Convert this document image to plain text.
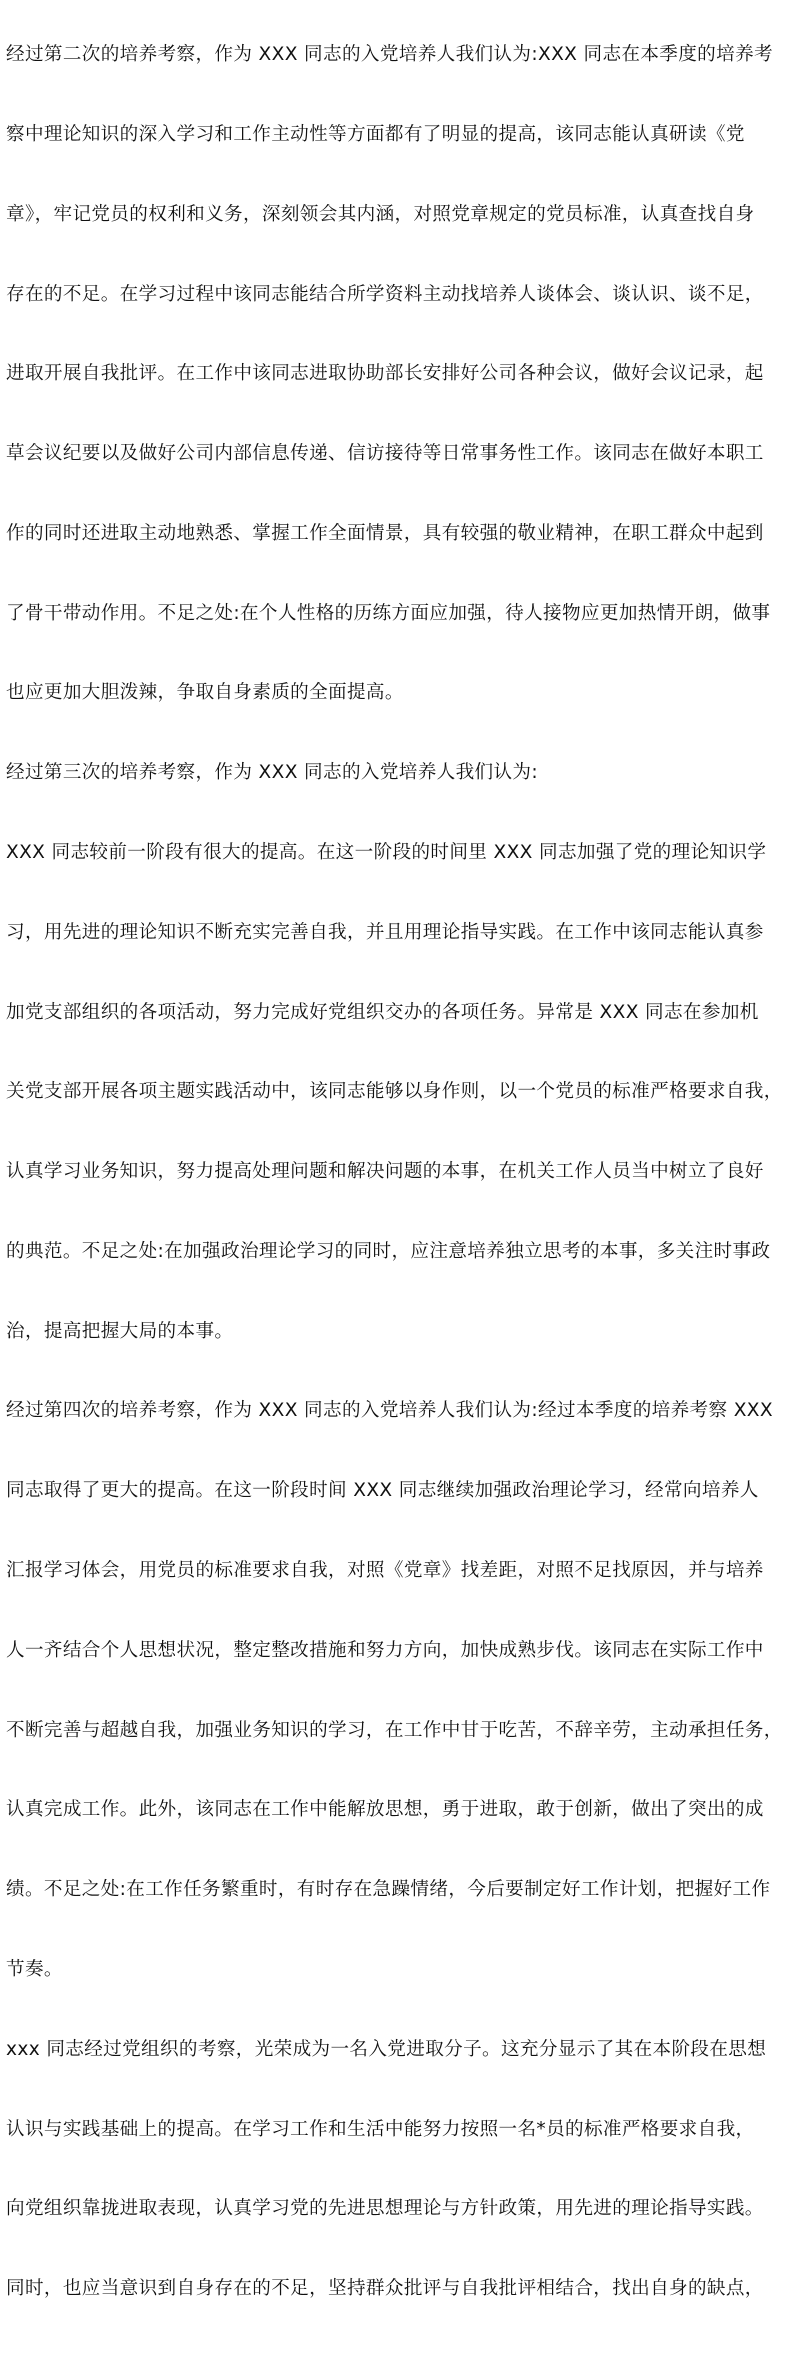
经过第二次的培养考察，作为 XXX 同志的入党培养人我们认为:XXX 同志在本季度的培养考

察中理论知识的深入学习和工作主动性等方面都有了明显的提高，该同志能认真研读《党

章》，牢记党员的权利和义务，深刻领会其内涵，对照党章规定的党员标准，认真查找自身

存在的不足。在学习过程中该同志能结合所学资料主动找培养人谈体会、谈认识、谈不足，

进取开展自我批评。在工作中该同志进取协助部长安排好公司各种会议，做好会议记录，起

草会议纪要以及做好公司内部信息传递、信访接待等日常事务性工作。该同志在做好本职工

作的同时还进取主动地熟悉、掌握工作全面情景，具有较强的敬业精神，在职工群众中起到

了骨干带动作用。不足之处:在个人性格的历练方面应加强，待人接物应更加热情开朗，做事

也应更加大胆泼辣，争取自身素质的全面提高。

经过第三次的培养考察，作为 XXX 同志的入党培养人我们认为:

XXX 同志较前一阶段有很大的提高。在这一阶段的时间里 XXX 同志加强了党的理论知识学

习，用先进的理论知识不断充实完善自我，并且用理论指导实践。在工作中该同志能认真参

加党支部组织的各项活动，努力完成好党组织交办的各项任务。异常是 XXX 同志在参加机

关党支部开展各项主题实践活动中，该同志能够以身作则，以一个党员的标准严格要求自我，

认真学习业务知识，努力提高处理问题和解决问题的本事，在机关工作人员当中树立了良好

的典范。不足之处:在加强政治理论学习的同时，应注意培养独立思考的本事，多关注时事政

治，提高把握大局的本事。

经过第四次的培养考察，作为 XXX 同志的入党培养人我们认为:经过本季度的培养考察 XXX

同志取得了更大的提高。在这一阶段时间 XXX 同志继续加强政治理论学习，经常向培养人

汇报学习体会，用党员的标准要求自我，对照《党章》找差距，对照不足找原因，并与培养

人一齐结合个人思想状况，整定整改措施和努力方向，加快成熟步伐。该同志在实际工作中

不断完善与超越自我，加强业务知识的学习，在工作中甘于吃苦，不辞辛劳，主动承担任务，

认真完成工作。此外，该同志在工作中能解放思想，勇于进取，敢于创新，做出了突出的成

绩。不足之处:在工作任务繁重时，有时存在急躁情绪，今后要制定好工作计划，把握好工作

节奏。

xxx 同志经过党组织的考察，光荣成为一名入党进取分子。这充分显示了其在本阶段在思想

认识与实践基础上的提高。在学习工作和生活中能努力按照一名*员的标准严格要求自我，

向党组织靠拢进取表现，认真学习党的先进思想理论与方针政策，用先进的理论指导实践。

同时，也应当意识到自身存在的不足，坚持群众批评与自我批评相结合，找出自身的缺点，
